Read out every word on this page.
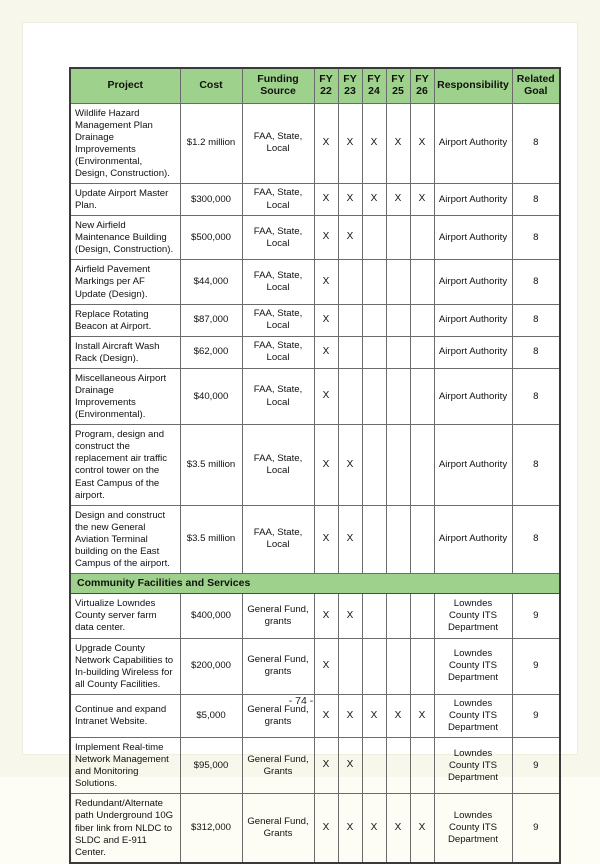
Project	Cost	Funding Source	FY 22	FY 23	FY 24	FY 25	FY 26	Responsibility	Related Goal
Wildlife Hazard Management Plan Drainage Improvements (Environmental, Design, Construction).	$1.2 million	FAA, State, Local	X	X	X	X	X	Airport Authority	8
Update Airport Master Plan.	$300,000	FAA, State, Local	X	X	X	X	X	Airport Authority	8
New Airfield Maintenance Building (Design, Construction).	$500,000	FAA, State, Local	X	X				Airport Authority	8
Airfield Pavement Markings per AF Update (Design).	$44,000	FAA, State, Local	X					Airport Authority	8
Replace Rotating Beacon at Airport.	$87,000	FAA, State, Local	X					Airport Authority	8
Install Aircraft Wash Rack (Design).	$62,000	FAA, State, Local	X					Airport Authority	8
Miscellaneous Airport Drainage Improvements (Environmental).	$40,000	FAA, State, Local	X					Airport Authority	8
Program, design and construct the replacement air traffic control tower on the East Campus of the airport.	$3.5 million	FAA, State, Local	X	X				Airport Authority	8
Design and construct the new General Aviation Terminal building on the East Campus of the airport.	$3.5 million	FAA, State, Local	X	X				Airport Authority	8
Community Facilities and Services									
Virtualize Lowndes County server farm data center.	$400,000	General Fund, grants	X	X				Lowndes County ITS Department	9
Upgrade County Network Capabilities to In-building Wireless for all County Facilities.	$200,000	General Fund, grants	X					Lowndes County ITS Department	9
Continue and expand Intranet Website.	$5,000	General Fund, grants	X	X	X	X	X	Lowndes County ITS Department	9
Implement Real-time Network Management and Monitoring Solutions.	$95,000	General Fund, Grants	X	X				Lowndes County ITS Department	9
Redundant/Alternate path Underground 10G fiber link from NLDC to SLDC and E-911 Center.	$312,000	General Fund, Grants	X	X	X	X	X	Lowndes County ITS Department	9
- 74 -
